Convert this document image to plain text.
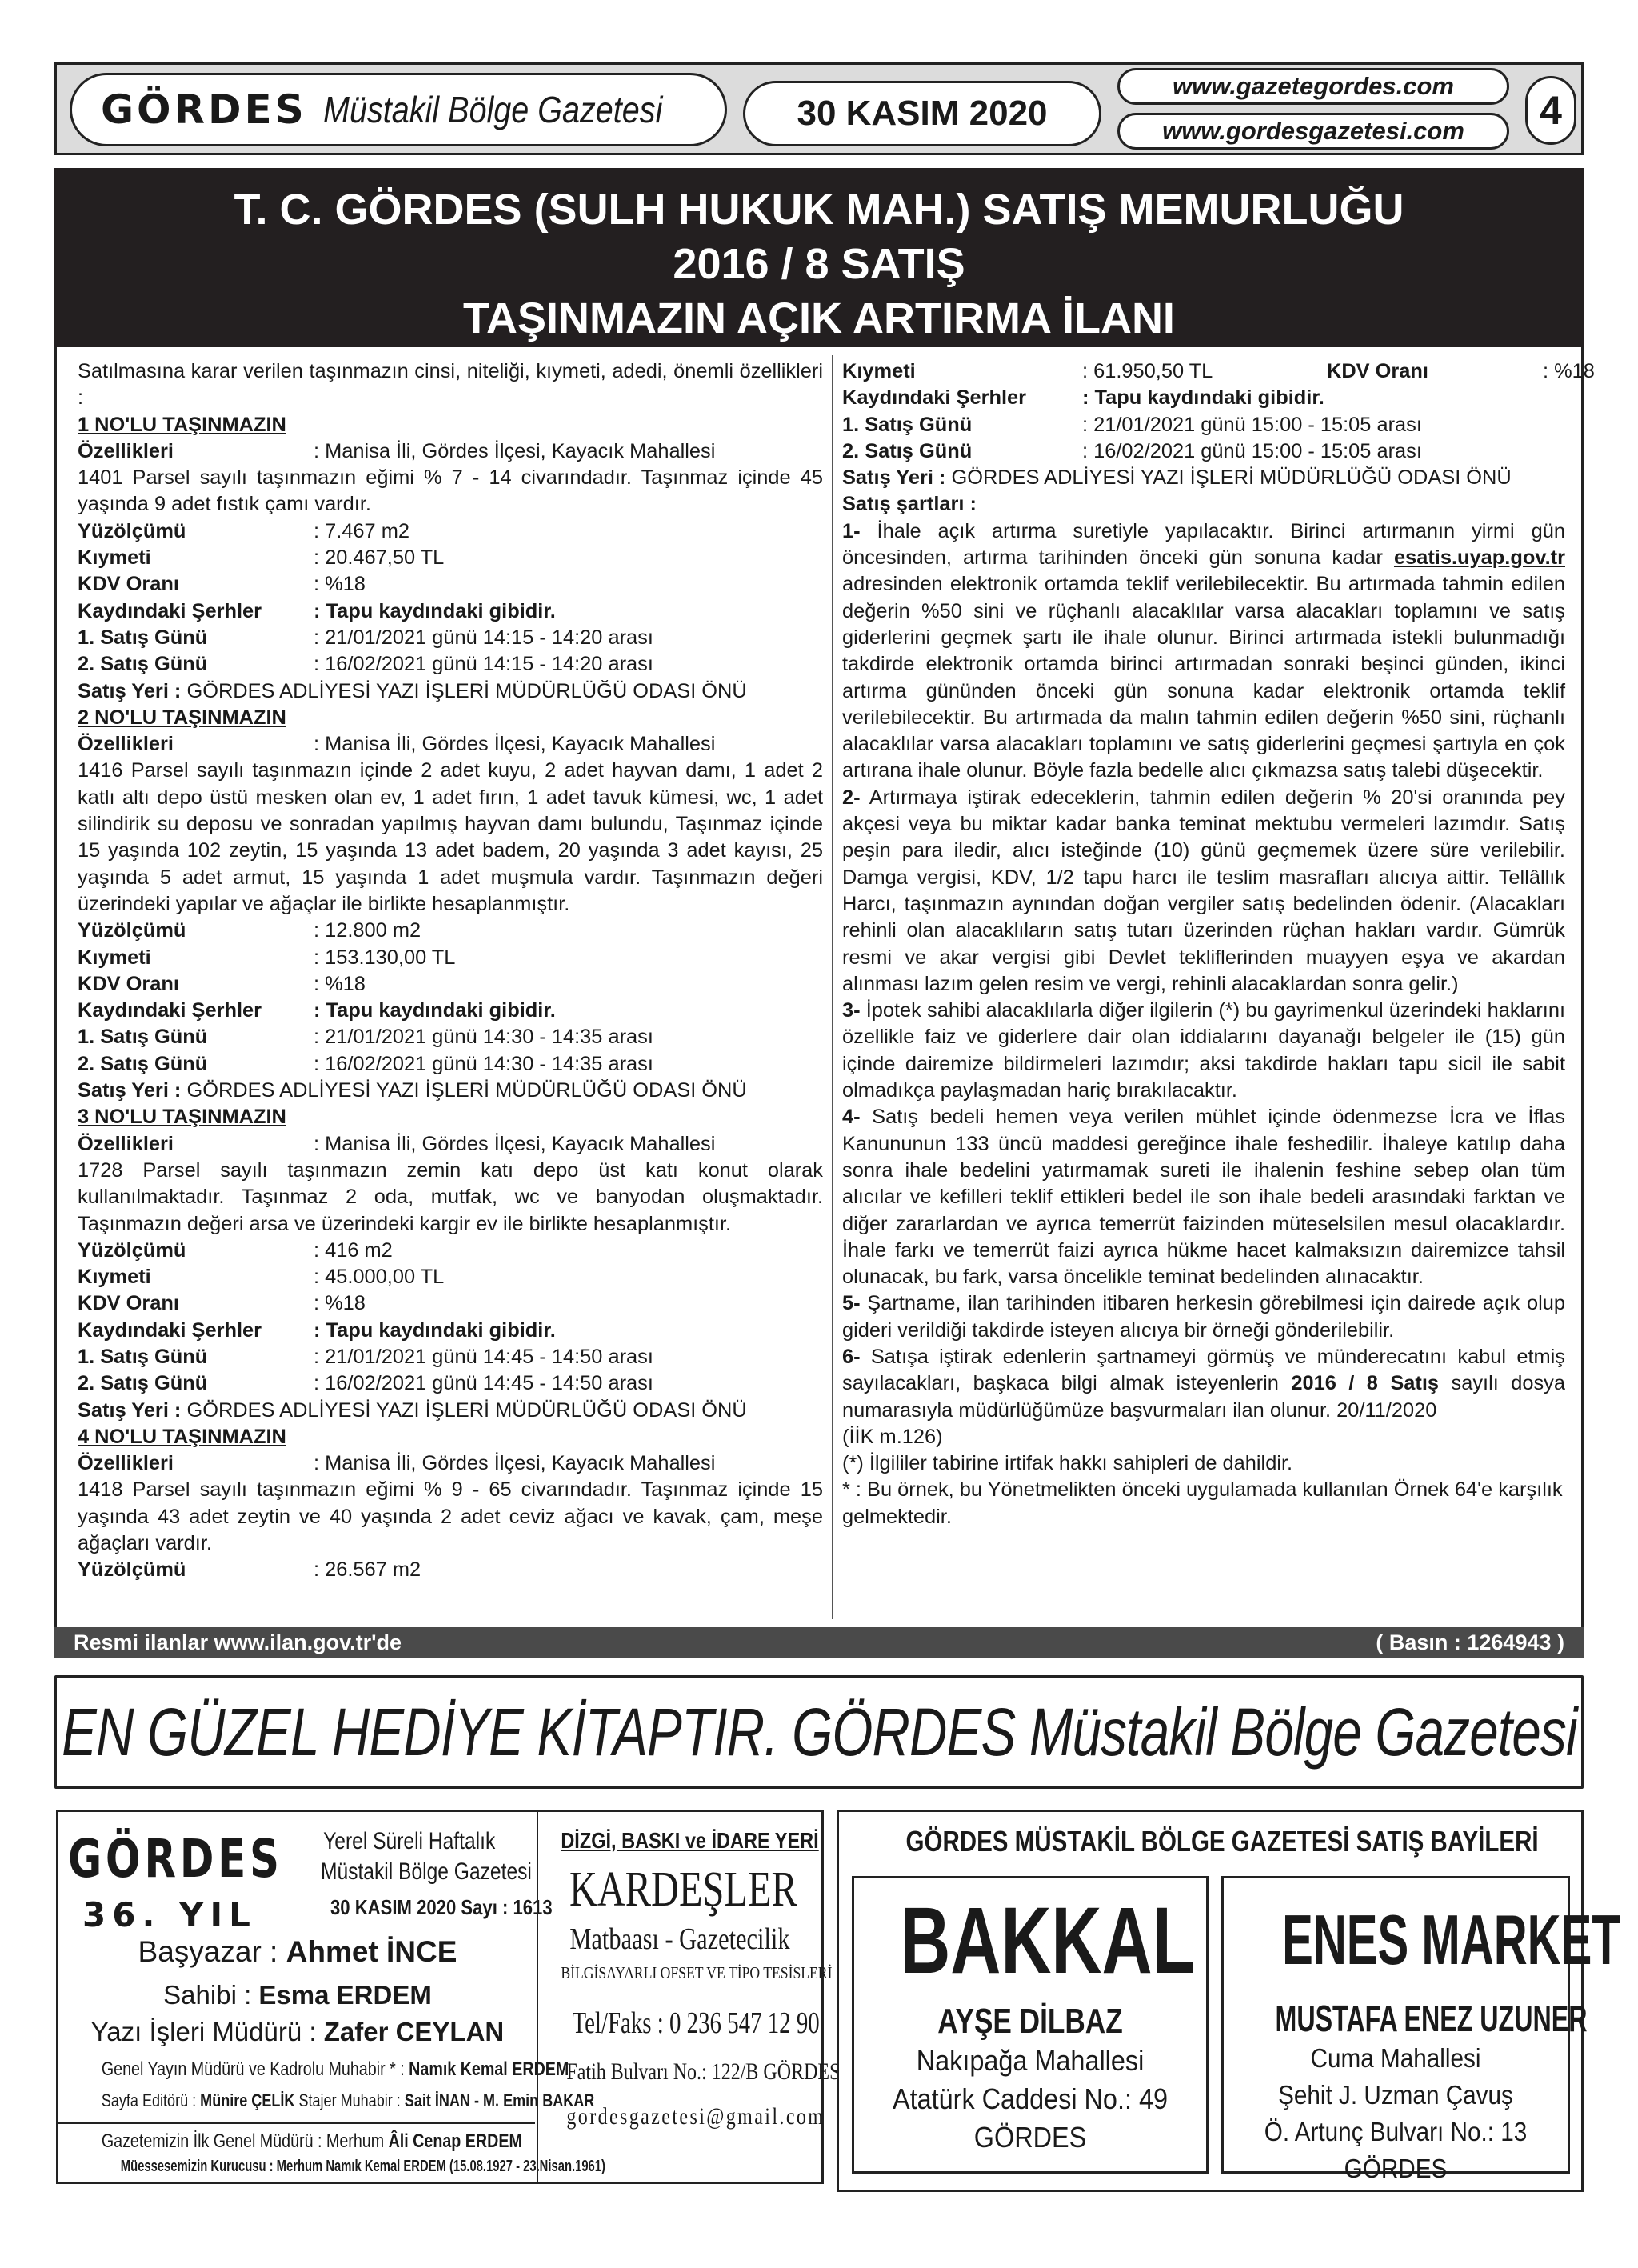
GÖRDES Müstakil Bölge Gazetesi	30 KASIM 2020
www.gazetegordes.com
www.gordesgazetesi.com	4
T. C. GÖRDES (SULH HUKUK MAH.) SATIŞ MEMURLUĞU
2016 / 8 SATIŞ
TAŞINMAZIN AÇIK ARTIRMA İLANI
Satılmasına karar verilen taşınmazın cinsi, niteliği, kıymeti, adedi, önemli özellikleri :
1 NO'LU TAŞINMAZIN
Özellikleri	: Manisa İli, Gördes İlçesi, Kayacık Mahallesi
1401 Parsel sayılı taşınmazın eğimi % 7 - 14 civarındadır. Taşınmaz içinde 45 yaşında 9 adet fıstık çamı vardır.
Yüzölçümü	: 7.467 m2
Kıymeti	: 20.467,50 TL
KDV Oranı	: %18
Kaydındaki Şerhler	: Tapu kaydındaki gibidir.
1. Satış Günü	: 21/01/2021 günü 14:15 - 14:20 arası
2. Satış Günü	: 16/02/2021 günü 14:15 - 14:20 arası
Satış Yeri : GÖRDES ADLİYESİ YAZI İŞLERİ MÜDÜRLÜĞÜ ODASI ÖNÜ
2 NO'LU TAŞINMAZIN
Özellikleri	: Manisa İli, Gördes İlçesi, Kayacık Mahallesi
1416 Parsel sayılı taşınmazın içinde 2 adet kuyu, 2 adet hayvan damı, 1 adet 2 katlı altı depo üstü mesken olan ev, 1 adet fırın, 1 adet tavuk kümesi, wc, 1 adet silindirik su deposu ve sonradan yapılmış hayvan damı bulundu, Taşınmaz içinde 15 yaşında 102 zeytin, 15 yaşında 13 adet badem, 20 yaşında 3 adet kayısı, 25 yaşında 5 adet armut, 15 yaşında 1 adet muşmula vardır. Taşınmazın değeri üzerindeki yapılar ve ağaçlar ile birlikte hesaplanmıştır.
Yüzölçümü	: 12.800 m2
Kıymeti	: 153.130,00 TL
KDV Oranı	: %18
Kaydındaki Şerhler	: Tapu kaydındaki gibidir.
1. Satış Günü	: 21/01/2021 günü 14:30 - 14:35 arası
2. Satış Günü	: 16/02/2021 günü 14:30 - 14:35 arası
Satış Yeri : GÖRDES ADLİYESİ YAZI İŞLERİ MÜDÜRLÜĞÜ ODASI ÖNÜ
3 NO'LU TAŞINMAZIN
Özellikleri	: Manisa İli, Gördes İlçesi, Kayacık Mahallesi
1728 Parsel sayılı taşınmazın zemin katı depo üst katı konut olarak kullanılmaktadır. Taşınmaz 2 oda, mutfak, wc ve banyodan oluşmaktadır. Taşınmazın değeri arsa ve üzerindeki kargir ev ile birlikte hesaplanmıştır.
Yüzölçümü	: 416 m2
Kıymeti	: 45.000,00 TL
KDV Oranı	: %18
Kaydındaki Şerhler	: Tapu kaydındaki gibidir.
1. Satış Günü	: 21/01/2021 günü 14:45 - 14:50 arası
2. Satış Günü	: 16/02/2021 günü 14:45 - 14:50 arası
Satış Yeri : GÖRDES ADLİYESİ YAZI İŞLERİ MÜDÜRLÜĞÜ ODASI ÖNÜ
4 NO'LU TAŞINMAZIN
Özellikleri	: Manisa İli, Gördes İlçesi, Kayacık Mahallesi
1418 Parsel sayılı taşınmazın eğimi % 9 - 65 civarındadır. Taşınmaz içinde 15 yaşında 43 adet zeytin ve 40 yaşında 2 adet ceviz ağacı ve kavak, çam, meşe ağaçları vardır.
Yüzölçümü	: 26.567 m2
Kıymeti	: 61.950,50 TL	KDV Oranı	: %18
Kaydındaki Şerhler	: Tapu kaydındaki gibidir.
1. Satış Günü	: 21/01/2021 günü 15:00 - 15:05 arası
2. Satış Günü	: 16/02/2021 günü 15:00 - 15:05 arası
Satış Yeri : GÖRDES ADLİYESİ YAZI İŞLERİ MÜDÜRLÜĞÜ ODASI ÖNÜ
Satış şartları :
1- İhale açık artırma suretiyle yapılacaktır. Birinci artırmanın yirmi gün öncesinden, artırma tarihinden önceki gün sonuna kadar esatis.uyap.gov.tr adresinden elektronik ortamda teklif verilebilecektir. Bu artırmada tahmin edilen değerin %50 sini ve rüçhanlı alacaklılar varsa alacakları toplamını ve satış giderlerini geçmek şartı ile ihale olunur. Birinci artırmada istekli bulunmadığı takdirde elektronik ortamda birinci artırmadan sonraki beşinci günden, ikinci artırma gününden önceki gün sonuna kadar elektronik ortamda teklif verilebilecektir. Bu artırmada da malın tahmin edilen değerin %50 sini, rüçhanlı alacaklılar varsa alacakları toplamını ve satış giderlerini geçmesi şartıyla en çok artırana ihale olunur. Böyle fazla bedelle alıcı çıkmazsa satış talebi düşecektir.
2- Artırmaya iştirak edeceklerin, tahmin edilen değerin % 20'si oranında pey akçesi veya bu miktar kadar banka teminat mektubu vermeleri lazımdır. Satış peşin para iledir, alıcı isteğinde (10) günü geçmemek üzere süre verilebilir. Damga vergisi, KDV, 1/2 tapu harcı ile teslim masrafları alıcıya aittir. Tellâllık Harcı, taşınmazın aynından doğan vergiler satış bedelinden ödenir. (Alacakları rehinli olan alacaklıların satış tutarı üzerinden rüçhan hakları vardır. Gümrük resmi ve akar vergisi gibi Devlet tekliflerinden muayyen eşya ve akardan alınması lazım gelen resim ve vergi, rehinli alacaklardan sonra gelir.)
3- İpotek sahibi alacaklılarla diğer ilgilerin (*) bu gayrimenkul üzerindeki haklarını özellikle faiz ve giderlere dair olan iddialarını dayanağı belgeler ile (15) gün içinde dairemize bildirmeleri lazımdır; aksi takdirde hakları tapu sicil ile sabit olmadıkça paylaşmadan hariç bırakılacaktır.
4- Satış bedeli hemen veya verilen mühlet içinde ödenmezse İcra ve İflas Kanununun 133 üncü maddesi gereğince ihale feshedilir. İhaleye katılıp daha sonra ihale bedelini yatırmamak sureti ile ihalenin feshine sebep olan tüm alıcılar ve kefilleri teklif ettikleri bedel ile son ihale bedeli arasındaki farktan ve diğer zararlardan ve ayrıca temerrüt faizinden müteselsilen mesul olacaklardır. İhale farkı ve temerrüt faizi ayrıca hükme hacet kalmaksızın dairemizce tahsil olunacak, bu fark, varsa öncelikle teminat bedelinden alınacaktır.
5- Şartname, ilan tarihinden itibaren herkesin görebilmesi için dairede açık olup gideri verildiği takdirde isteyen alıcıya bir örneği gönderilebilir.
6- Satışa iştirak edenlerin şartnameyi görmüş ve münderecatını kabul etmiş sayılacakları, başkaca bilgi almak isteyenlerin 2016 / 8 Satış sayılı dosya numarasıyla müdürlüğümüze başvurmaları ilan olunur. 20/11/2020
(İİK m.126)
(*) İlgililer tabirine irtifak hakkı sahipleri de dahildir.
* : Bu örnek, bu Yönetmelikten önceki uygulamada kullanılan Örnek 64'e karşılık gelmektedir.
Resmi ilanlar www.ilan.gov.tr'de	( Basın : 1264943 )
EN GÜZEL HEDİYE KİTAPTIR. GÖRDES Müstakil Bölge Gazetesi
GÖRDES
36. YIL
Yerel Süreli Haftalık
Müstakil Bölge Gazetesi
30 KASIM 2020 Sayı : 1613
Başyazar : Ahmet İNCE
Sahibi : Esma ERDEM
Yazı İşleri Müdürü : Zafer CEYLAN
Genel Yayın Müdürü ve Kadrolu Muhabir * : Namık Kemal ERDEM
Sayfa Editörü : Münire ÇELİK Stajer Muhabir : Sait İNAN - M. Emin BAKAR
Gazetemizin İlk Genel Müdürü : Merhum Âli Cenap ERDEM
Müessesemizin Kurucusu : Merhum Namık Kemal ERDEM (15.08.1927 - 23.Nisan.1961)
DİZGİ, BASKI ve İDARE YERİ
KARDEŞLER
Matbaası - Gazetecilik
BİLGİSAYARLI OFSET VE TİPO TESİSLERİ
Tel/Faks : 0 236 547 12 90
Fatih Bulvarı No.: 122/B GÖRDES
gordesgazetesi@gmail.com
GÖRDES MÜSTAKİL BÖLGE GAZETESİ SATIŞ BAYİLERİ
BAKKAL
AYŞE DİLBAZ
Nakıpağa Mahallesi
Atatürk Caddesi No.: 49
GÖRDES
ENES MARKET
MUSTAFA ENEZ UZUNER
Cuma Mahallesi
Şehit J. Uzman Çavuş
Ö. Artunç Bulvarı No.: 13
GÖRDES
